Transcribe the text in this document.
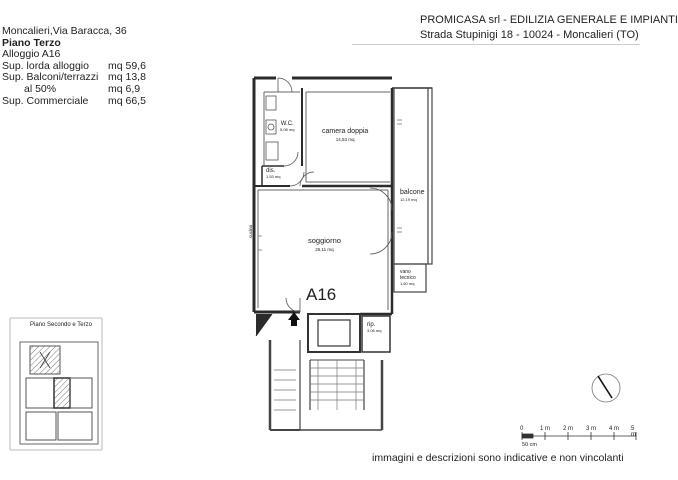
Moncalieri,Via Baracca, 36
Piano Terzo
Alloggio A16
Sup. lorda alloggio mq 59,6
Sup. Balconi/terrazzi mq 13,8
al 50%	mq 6,9
Sup. Commerciale mq 66,5
PROMICASA srl - EDILIZIA GENERALE E IMPIANTI
Strada Stupinigi 18 - 10024 - Moncalieri (TO)
W.C.
5,08 mq	camera doppia
14,53 mq
dis.
1,53 mq
soggiorno
26,11 mq
balcone
12,19 mq
vano
tecnico
1,60 mq
rip.
3,06 mq
cucina
A16
Piano Secondo e Terzo
0	1 m 2 m 3 m 4 m 5 m
50 cm
immagini e descrizioni sono indicative e non vincolanti
